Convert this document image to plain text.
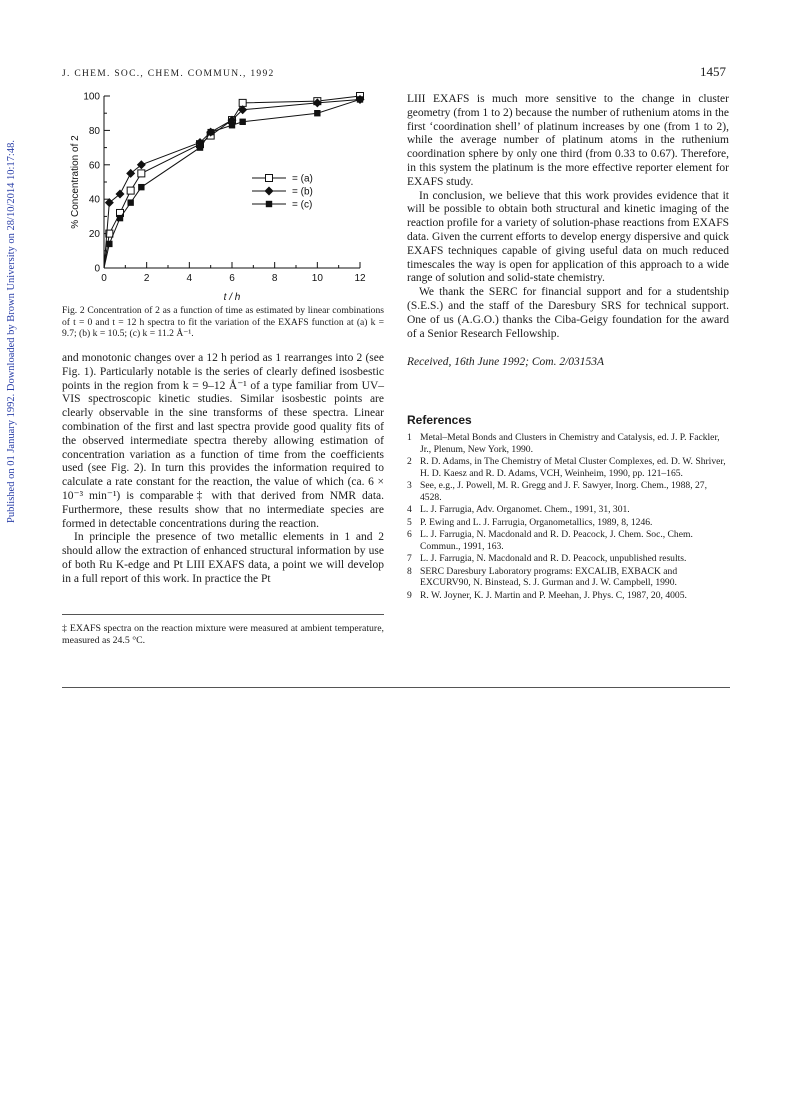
Published on 01 January 1992. Downloaded by Brown University on 28/10/2014 10:17:48.
J. CHEM. SOC., CHEM. COMMUN., 1992	1457
0	2	4	6	8	10	12
0
20
40
60
80
100
% Concentration of 2
t / h
= (a)
= (b)
= (c)

Fig. 2 Concentration of 2 as a function of time as estimated by linear combinations of t = 0 and t = 12 h spectra to fit the variation of the EXAFS function at (a) k = 9.7; (b) k = 10.5; (c) k = 11.2 Å⁻¹.

and monotonic changes over a 12 h period as 1 rearranges into 2 (see Fig. 1). Particularly notable is the series of clearly defined isosbestic points in the region from k = 9–12 Å⁻¹ of a type familiar from UV–VIS spectroscopic kinetic studies. Similar isosbestic points are clearly observable in the sine transforms of these spectra. Linear combination of the first and last spectra provide good quality fits of the observed intermediate spectra thereby allowing estimation of concentration variation as a function of time from the coefficients used (see Fig. 2). In turn this provides the information required to calculate a rate constant for the reaction, the value of which (ca. 6 × 10⁻³ min⁻¹) is comparable‡ with that derived from NMR data. Furthermore, these results show that no intermediate species are formed in detectable concentrations during the reaction.

In principle the presence of two metallic elements in 1 and 2 should allow the extraction of enhanced structural information by use of both Ru K-edge and Pt LIII EXAFS data, a point we will develop in a full report of this work. In practice the Pt

‡ EXAFS spectra on the reaction mixture were measured at ambient temperature, measured as 24.5 °C.

LIII EXAFS is much more sensitive to the change in cluster geometry (from 1 to 2) because the number of ruthenium atoms in the first ‘coordination shell’ of platinum increases by one (from 1 to 2), while the average number of platinum atoms in the ruthenium coordination sphere by only one third (from 0.33 to 0.67). Therefore, in this system the platinum is the more effective reporter element for EXAFS study.

In conclusion, we believe that this work provides evidence that it will be possible to obtain both structural and kinetic imaging of the reaction profile for a variety of solution-phase reactions from EXAFS data. Given the current efforts to develop energy dispersive and quick EXAFS techniques capable of giving useful data on much reduced timescales the way is open for application of this approach to a wide range of solution and solid-state chemistry.

We thank the SERC for financial support and for a studentship (S.E.S.) and the staff of the Daresbury SRS for technical support. One of us (A.G.O.) thanks the Ciba-Geigy foundation for the award of a Senior Research Fellowship.

Received, 16th June 1992; Com. 2/03153A
References
1 Metal–Metal Bonds and Clusters in Chemistry and Catalysis, ed. J. P. Fackler, Jr., Plenum, New York, 1990.
2 R. D. Adams, in The Chemistry of Metal Cluster Complexes, ed. D. W. Shriver, H. D. Kaesz and R. D. Adams, VCH, Weinheim, 1990, pp. 121–165.
3 See, e.g., J. Powell, M. R. Gregg and J. F. Sawyer, Inorg. Chem., 1988, 27, 4528.
4 L. J. Farrugia, Adv. Organomet. Chem., 1991, 31, 301.
5 P. Ewing and L. J. Farrugia, Organometallics, 1989, 8, 1246.
6 L. J. Farrugia, N. Macdonald and R. D. Peacock, J. Chem. Soc., Chem. Commun., 1991, 163.
7 L. J. Farrugia, N. Macdonald and R. D. Peacock, unpublished results.
8 SERC Daresbury Laboratory programs: EXCALIB, EXBACK and EXCURV90, N. Binstead, S. J. Gurman and J. W. Campbell, 1990.
9 R. W. Joyner, K. J. Martin and P. Meehan, J. Phys. C, 1987, 20, 4005.
